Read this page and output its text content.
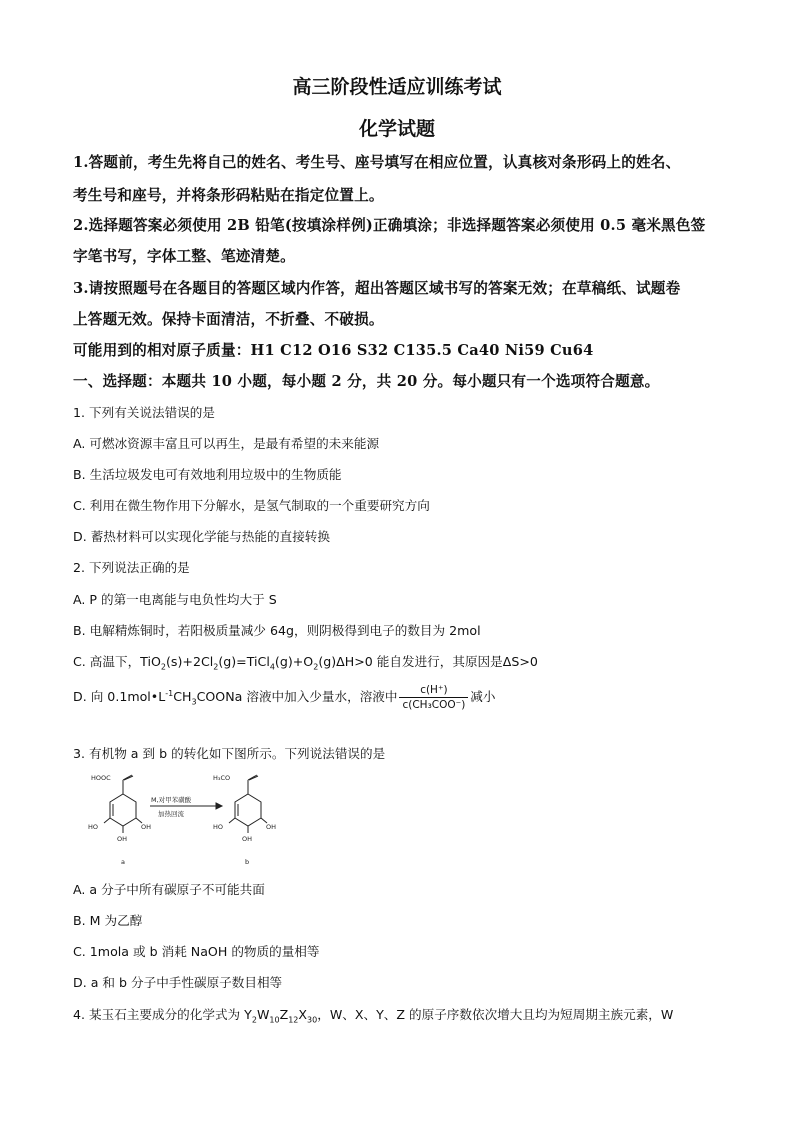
高三阶段性适应训练考试
化学试题
1.答题前，考生先将自己的姓名、考生号、座号填写在相应位置，认真核对条形码上的姓名、
考生号和座号，并将条形码粘贴在指定位置上。
2.选择题答案必须使用 2B 铅笔(按填涂样例)正确填涂；非选择题答案必须使用 0.5 毫米黑色签
字笔书写，字体工整、笔迹清楚。
3.请按照题号在各题目的答题区域内作答，超出答题区域书写的答案无效；在草稿纸、试题卷
上答题无效。保持卡面清洁，不折叠、不破损。
可能用到的相对原子质量：H1 C12 O16 S32 C135.5 Ca40 Ni59 Cu64
一、选择题：本题共 10 小题，每小题 2 分，共 20 分。每小题只有一个选项符合题意。
1. 下列有关说法错误的是
A. 可燃冰资源丰富且可以再生，是最有希望的未来能源
B. 生活垃圾发电可有效地利用垃圾中的生物质能
C. 利用在微生物作用下分解水，是氢气制取的一个重要研究方向
D. 蓄热材料可以实现化学能与热能的直接转换
2. 下列说法正确的是
A. P 的第一电离能与电负性均大于 S
B. 电解精炼铜时，若阳极质量减少 64g，则阴极得到电子的数目为 2mol
C. 高温下，$TiO_2(s)+2Cl_2(g)=TiCl_4(g)+O_2(g)\Delta H>0$ 能自发进行，其原因是ΔS>0
D. 向 $0.1mol•L^{-1}CH_3COONa$ 溶液中加入少量水，溶液中 $\frac{c(H^+)}{\text{c(CH₃COO⁻)}}$ 减小
3. 有机物 a 到 b 的转化如下图所示。下列说法错误的是
HOOC
HO
OH
OH
M,对甲苯磺酸
加热回流
H₃CO
HO
OH
OH
a	b
A. a 分子中所有碳原子不可能共面
B. M 为乙醇
C. 1mola 或 b 消耗 NaOH 的物质的量相等
D. a 和 b 分子中手性碳原子数目相等
4. 某玉石主要成分的化学式为 $Y_2W_{10}Z_{12}X_{30}$，W、X、Y、Z 的原子序数依次增大且均为短周期主族元素，W
